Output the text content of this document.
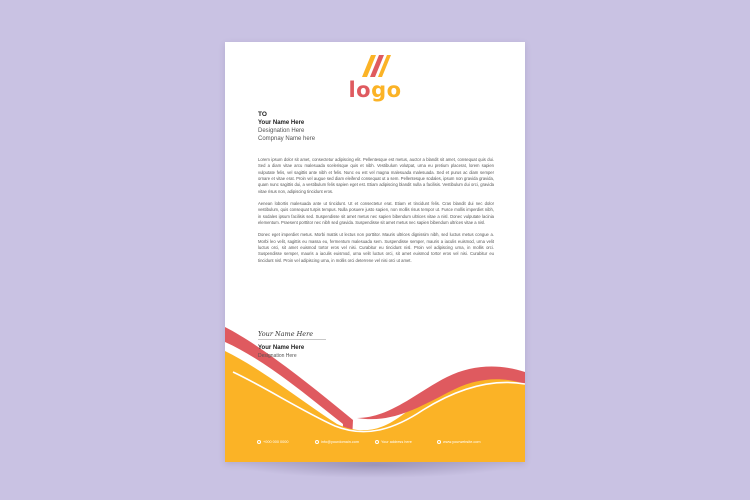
logo
TO
Your Name Here
Designation Here
Compnay Name here

Lorem ipsum dolor sit amet, consectetur adipiscing elit. Pellentesque est metus, auctor a blandit sit amet, consequat quis dui. Sed a diam vitae arcu malesuada scelerisque quis et nibh. Vestibulum volutpat, urna eu pretium placerat, lorem sapien vulputate felis, vel sagittis ante nibh et felis. Nunc eu est vel magna malesuada malesuada. Sed et purus ac diam semper ornare et vitae erat. Proin vel augue sed diam eleifend consequat ut a sem. Pellentesque sodales, ipsum non gravida gravida, quam nunc sagittis dui, a vestibulum felis sapien eget est. Etiam adipiscing blandit nulla a facilisis. Vestibulum dui orci, gravida vitae risus non, adipiscing tincidunt eros.

Aenean lobortis malesuada ante ut tincidunt. Ut et consectetur erat. Etiam et tincidunt felis. Cras blandit dui nec dolor vestibulum, quis consequat turpis tempus. Nulla posuere justo sapien, non mollis risus tempor ut. Fusce mollis imperdiet nibh, in sodales ipsum facilisis sed. Suspendisse sit amet metus nec sapien bibendum ultrices vitae a nisl. Donec vulputate lacinia elementum. Praesent porttitor nec nibh sed gravida. Suspendisse sit amet metus nec sapien bibendum ultrices vitae a nisl.

Donec eget imperdiet metus. Morbi mattis ut lectus non porttitor. Mauris ultrices dignissim nibh, sed luctus metus congue a. Morbi leo velit, sagittis eu massa eu, fermentum malesuada sem. Suspendisse semper, mauris a iaculis euismod, urna velit luctus orci, sit amet euismod tortor eros vel nisi. Curabitur eu tincidunt nisl. Proin vel adipiscing urna, in mollis orci. Suspendisse semper, mauris a iaculis euismod, urna velit luctus orci, sit amet euismod tortor eros vel nisi. Curabitur eu tincidunt nisl. Proin vel adipiscing urna, in mollis orci deterrene vel nisi orci ut amet.

Your Name Here
Your Name Here
Designation Here
+000 000 0000	info@yourdomain.com	Your address here	www.yourwebsite.com
